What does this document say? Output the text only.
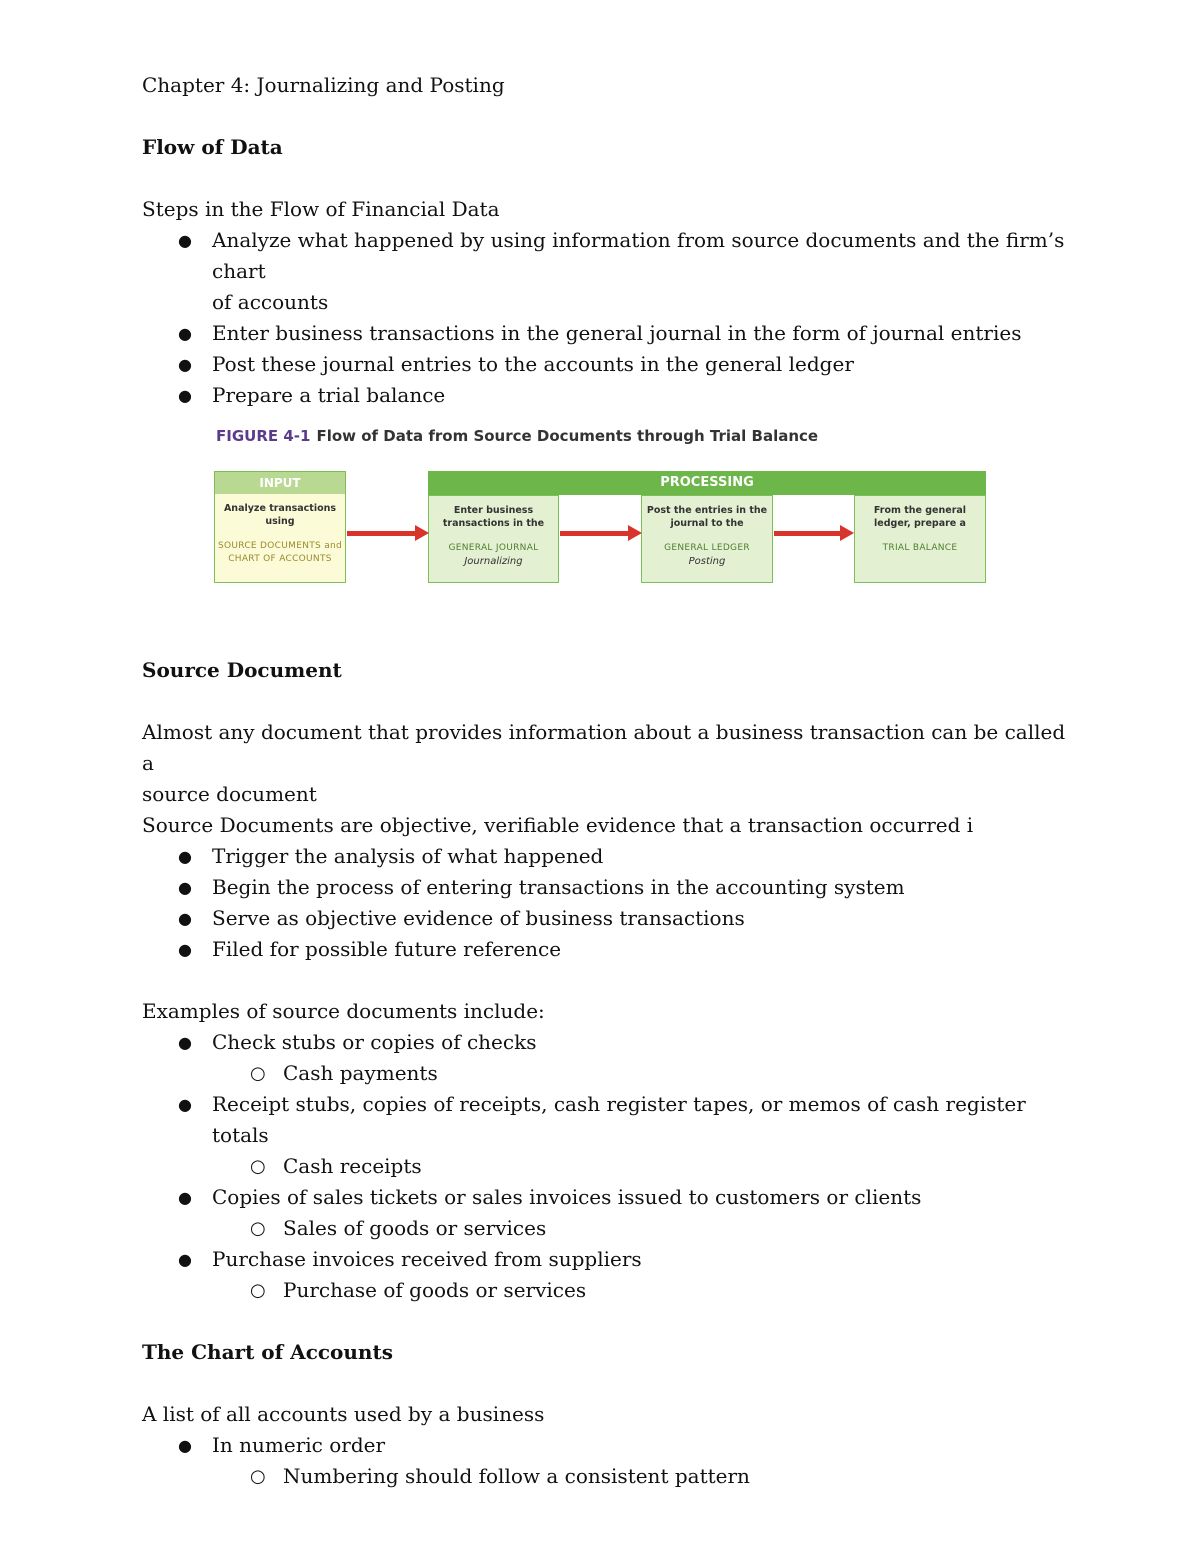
Chapter 4: Journalizing and Posting

Flow of Data

Steps in the Flow of Financial Data

● Analyze what happened by using information from source documents and the firm’s chart
of accounts
● Enter business transactions in the general journal in the form of journal entries
● Post these journal entries to the accounts in the general ledger
● Prepare a trial balance
FIGURE 4-1 Flow of Data from Source Documents through Trial Balance
INPUT
Analyze transactions
using
SOURCE DOCUMENTS and
CHART OF ACCOUNTS
PROCESSING
Enter business
transactions in the
GENERAL JOURNAL
Journalizing
Post the entries in the
journal to the
GENERAL LEDGER
Posting
From the general
ledger, prepare a
TRIAL BALANCE

Source Document

Almost any document that provides information about a business transaction can be called a
source document

Source Documents are objective, verifiable evidence that a transaction occurred i

● Trigger the analysis of what happened
● Begin the process of entering transactions in the accounting system
● Serve as objective evidence of business transactions
● Filed for possible future reference

Examples of source documents include:

● Check stubs or copies of checks
○ Cash payments
● Receipt stubs, copies of receipts, cash register tapes, or memos of cash register totals
○ Cash receipts
● Copies of sales tickets or sales invoices issued to customers or clients
○ Sales of goods or services
● Purchase invoices received from suppliers
○ Purchase of goods or services

The Chart of Accounts

A list of all accounts used by a business

● In numeric order
○ Numbering should follow a consistent pattern
